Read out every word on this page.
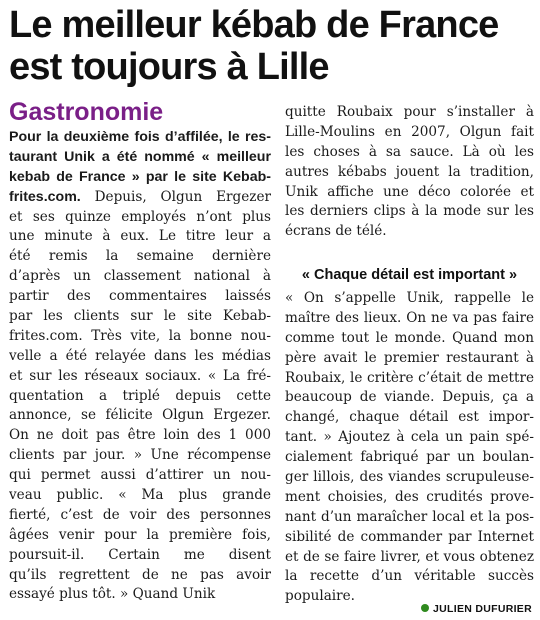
Le meilleur kébab de France
est toujours à Lille
Gastronomie
Pour la deuxième fois d’affilée, le res-
taurant Unik a été nommé « meilleur
kebab de France » par le site Kebab-
frites.com. Depuis, Olgun Ergezer
et ses quinze employés n’ont plus
une minute à eux. Le titre leur a
été remis la semaine dernière
d’après un classement national à
partir des commentaires laissés
par les clients sur le site Kebab-
frites.com. Très vite, la bonne nou-
velle a été relayée dans les médias
et sur les réseaux sociaux. « La fré-
quentation a triplé depuis cette
annonce, se félicite Olgun Ergezer.
On ne doit pas être loin des 1 000
clients par jour. » Une récompense
qui permet aussi d’attirer un nou-
veau public. « Ma plus grande
fierté, c’est de voir des personnes
âgées venir pour la première fois,
poursuit-il. Certain me disent
qu’ils regrettent de ne pas avoir
essayé plus tôt. » Quand Unik
quitte Roubaix pour s’installer à
Lille-Moulins en 2007, Olgun fait
les choses à sa sauce. Là où les
autres kébabs jouent la tradition,
Unik affiche une déco colorée et
les derniers clips à la mode sur les
écrans de télé.
« Chaque détail est important »
« On s’appelle Unik, rappelle le
maître des lieux. On ne va pas faire
comme tout le monde. Quand mon
père avait le premier restaurant à
Roubaix, le critère c’était de mettre
beaucoup de viande. Depuis, ça a
changé, chaque détail est impor-
tant. » Ajoutez à cela un pain spé-
cialement fabriqué par un boulan-
ger lillois, des viandes scrupuleuse-
ment choisies, des crudités prove-
nant d’un maraîcher local et la pos-
sibilité de commander par Internet
et de se faire livrer, et vous obtenez
la recette d’un véritable succès
populaire.
JULIEN DUFURIER
